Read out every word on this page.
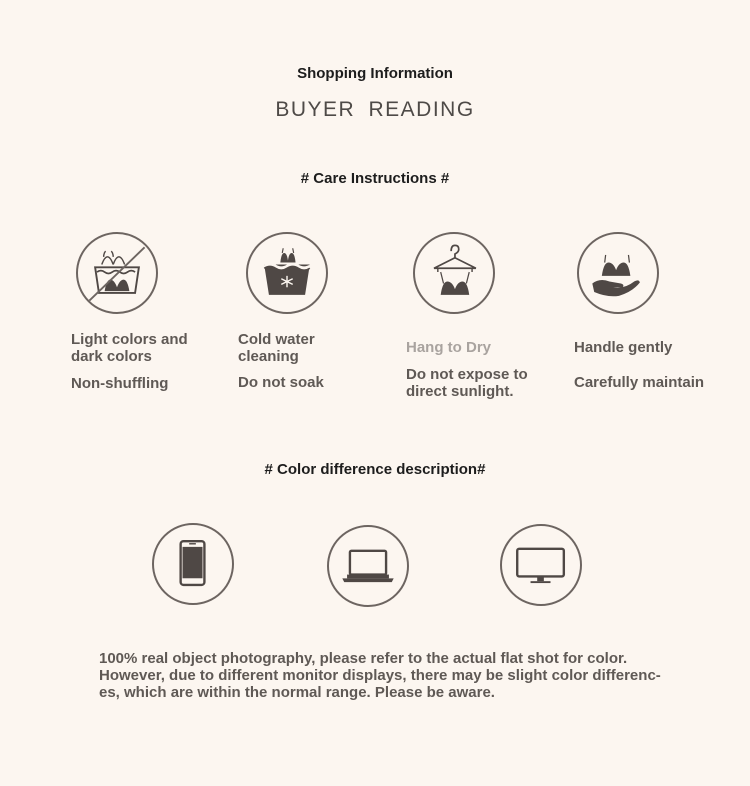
Shopping Information
BUYER READING
# Care Instructions #
Light colors and
dark colors
Non-shuffling
Cold water
cleaning
Do not soak
Hang to Dry
Do not expose to
direct sunlight.
Handle gently
Carefully maintain
# Color difference description#
100% real object photography, please refer to the actual flat shot for color.
However, due to different monitor displays, there may be slight color differenc-
es, which are within the normal range. Please be aware.
